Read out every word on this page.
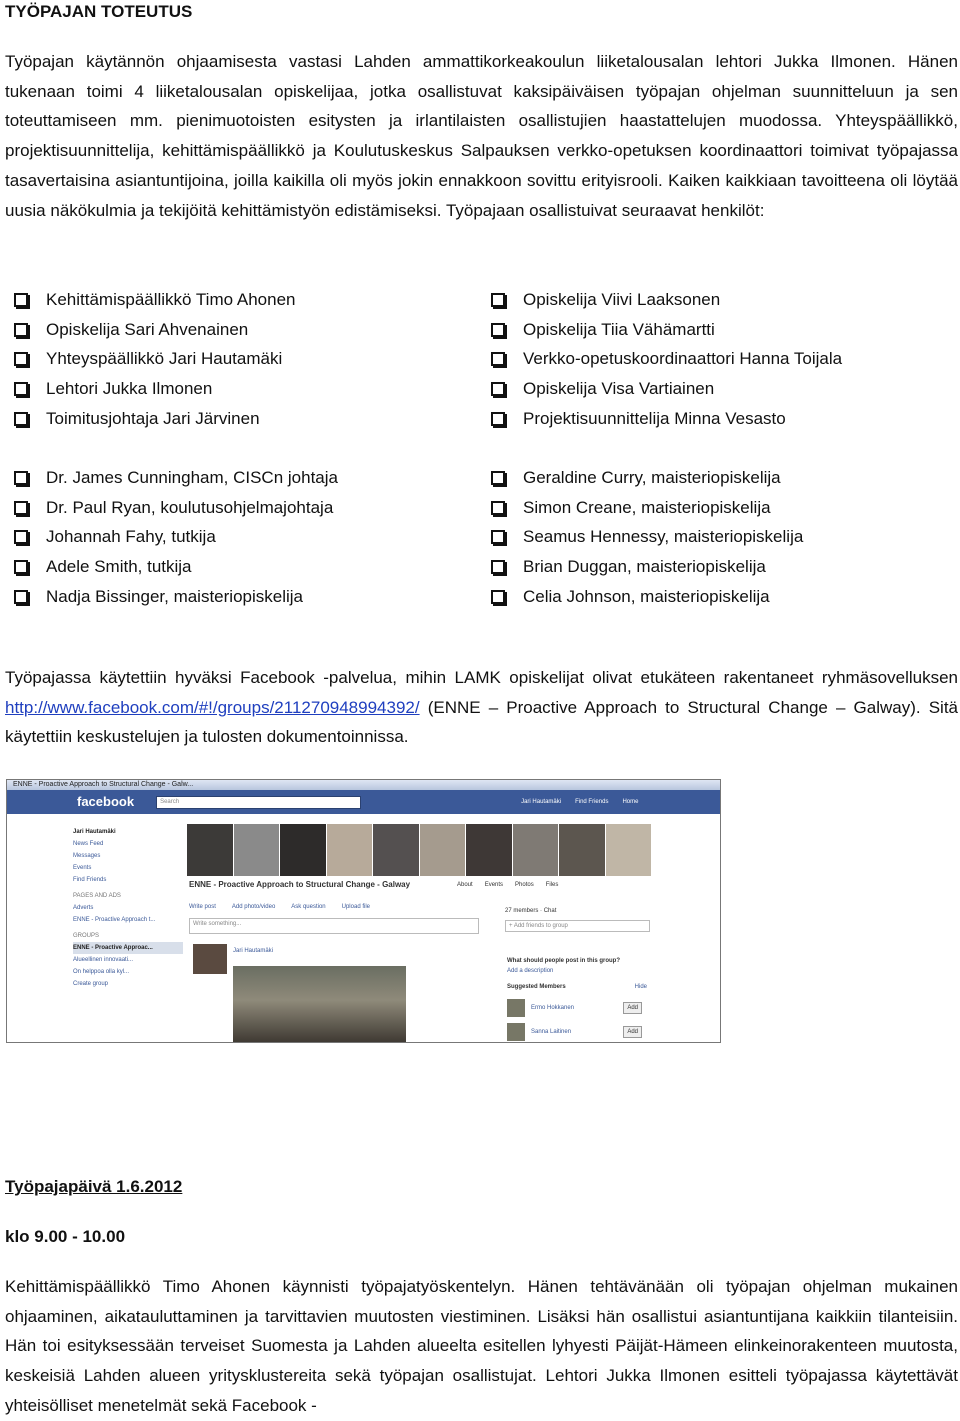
TYÖPAJAN TOTEUTUS

Työpajan käytännön ohjaamisesta vastasi Lahden ammattikorkeakoulun liiketalousalan lehtori Jukka Ilmonen. Hänen tukenaan toimi 4 liiketalousalan opiskelijaa, jotka osallistuvat kaksipäiväisen työpajan ohjelman suunnitteluun ja sen toteuttamiseen mm. pienimuotoisten esitysten ja irlantilaisten osallistujien haastattelujen muodossa. Yhteyspäällikkö, projektisuunnittelija, kehittämispäällikkö ja Koulutuskeskus Salpauksen verkko-opetuksen koordinaattori toimivat työpajassa tasavertaisina asiantuntijoina, joilla kaikilla oli myös jokin ennakkoon sovittu erityisrooli. Kaiken kaikkiaan tavoitteena oli löytää uusia näkökulmia ja tekijöitä kehittämistyön edistämiseksi. Työpajaan osallistuivat seuraavat henkilöt:

Kehittämispäällikkö Timo Ahonen
Opiskelija Sari Ahvenainen
Yhteyspäällikkö Jari Hautamäki
Lehtori Jukka Ilmonen
Toimitusjohtaja Jari Järvinen
Opiskelija Viivi Laaksonen
Opiskelija Tiia Vähämartti
Verkko-opetuskoordinaattori Hanna Toijala
Opiskelija Visa Vartiainen
Projektisuunnittelija Minna Vesasto
Dr. James Cunningham, CISCn johtaja
Dr. Paul Ryan, koulutusohjelmajohtaja
Johannah Fahy, tutkija
Adele Smith, tutkija
Nadja Bissinger, maisteriopiskelija
Geraldine Curry, maisteriopiskelija
Simon Creane, maisteriopiskelija
Seamus Hennessy, maisteriopiskelija
Brian Duggan, maisteriopiskelija
Celia Johnson, maisteriopiskelija

Työpajassa käytettiin hyväksi Facebook -palvelua, mihin LAMK opiskelijat olivat etukäteen rakentaneet ryhmäsovelluksen http://www.facebook.com/#!/groups/211270948994392/ (ENNE – Proactive Approach to Structural Change – Galway). Sitä käytettiin keskustelujen ja tulosten dokumentoinnissa.

ENNE - Proactive Approach to Structural Change - Galw...
facebook	Search	Jari Hautamäki Find Friends Home
Jari Hautamäki
News Feed
Messages
Events
Find Friends
PAGES AND ADS
Adverts
ENNE - Proactive Approach t...
GROUPS
ENNE - Proactive Approac...
Alueellinen innovaati...
On helppoa olla kyl...
Create group
ENNE - Proactive Approach to Structural Change - Galway	About Events Photos Files
Write post	Add photo/video	Ask question	Upload file
Write something...
27 members · Chat
+ Add friends to group
Jari Hautamäki
What should people post in this group?
Add a description
Suggested Members	Hide
Ermo Hokkanen	Add
Sanna Laitinen	Add

Työpajapäivä 1.6.2012

klo 9.00 - 10.00

Kehittämispäällikkö Timo Ahonen käynnisti työpajatyöskentelyn. Hänen tehtävänään oli työpajan ohjelman mukainen ohjaaminen, aikatauluttaminen ja tarvittavien muutosten viestiminen. Lisäksi hän osallistui asiantuntijana kaikkiin tilanteisiin. Hän toi esityksessään terveiset Suomesta ja Lahden alueelta esitellen lyhyesti Päijät-Hämeen elinkeinorakenteen muutosta, keskeisiä Lahden alueen yritysklustereita sekä työpajan osallistujat. Lehtori Jukka Ilmonen esitteli työpajassa käytettävät yhteisölliset menetelmät sekä Facebook -
